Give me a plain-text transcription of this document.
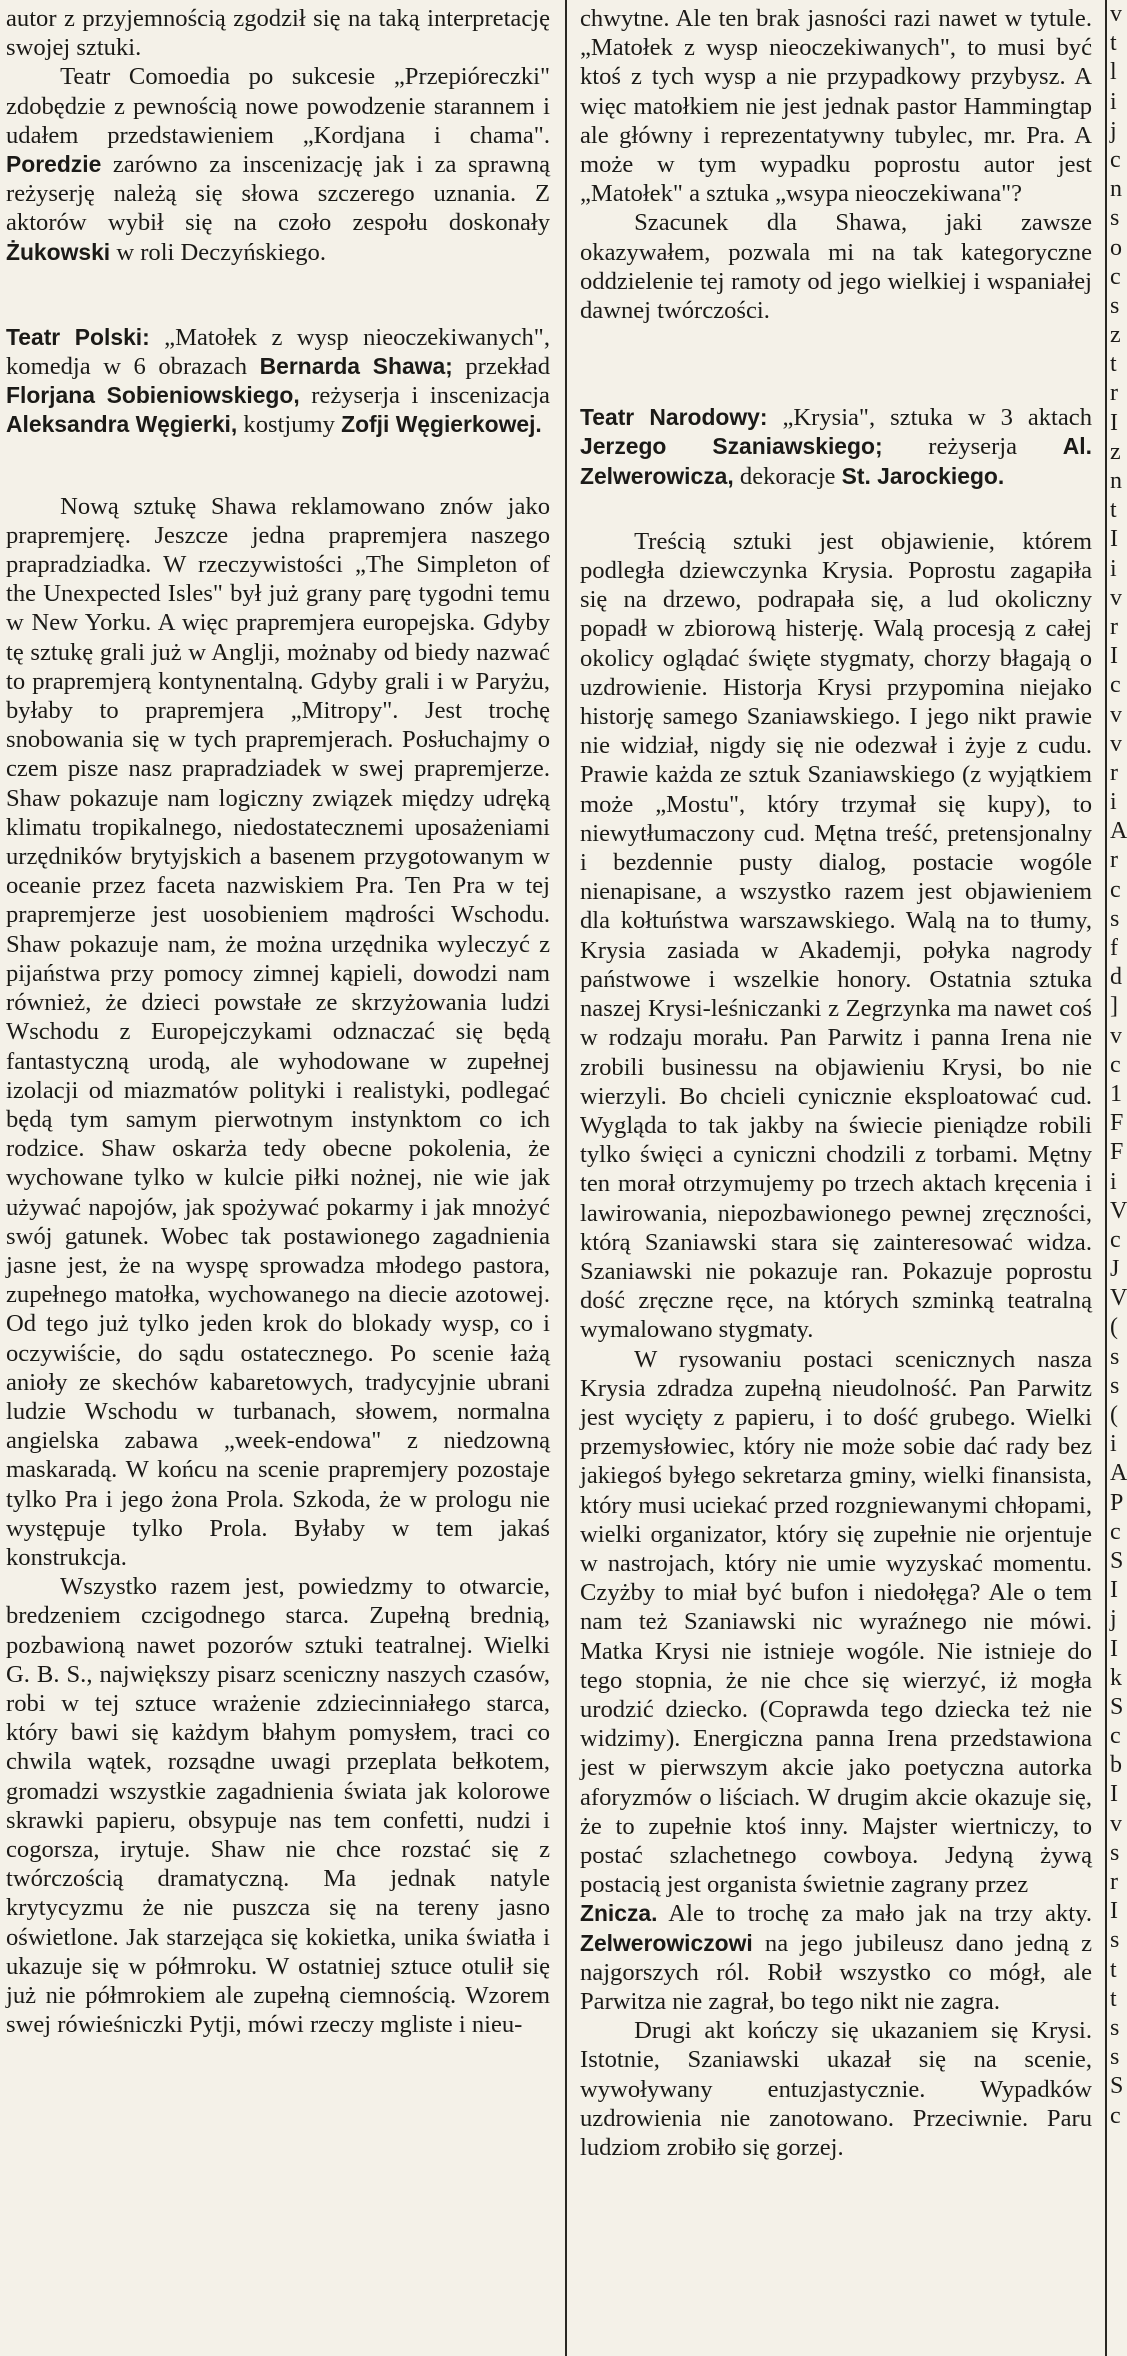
autor z przyjemnością zgodził się na taką interpretację swojej sztuki.

Teatr Comoedia po sukcesie „Przepióreczki" zdobędzie z pewnością nowe powodzenie starannem i udałem przedstawieniem „Kordjana i chama". Poredzie zarówno za inscenizację jak i za sprawną reżyserję należą się słowa szczerego uznania. Z aktorów wybił się na czoło zespołu doskonały Żukowski w roli Deczyńskiego.

Teatr Polski: „Matołek z wysp nieoczekiwanych", komedja w 6 obrazach Bernarda Shawa; przekład Florjana Sobieniowskiego, reżyserja i inscenizacja Aleksandra Węgierki, kostjumy Zofji Węgierkowej.

Nową sztukę Shawa reklamowano znów jako prapremjerę. Jeszcze jedna prapremjera naszego prapradziadka. W rzeczywistości „The Simpleton of the Unexpected Isles" był już grany parę tygodni temu w New Yorku. A więc prapremjera europejska. Gdyby tę sztukę grali już w Anglji, możnaby od biedy nazwać to prapremjerą kontynentalną. Gdyby grali i w Paryżu, byłaby to prapremjera „Mitropy". Jest trochę snobowania się w tych prapremjerach. Posłuchajmy o czem pisze nasz prapradziadek w swej prapremjerze. Shaw pokazuje nam logiczny związek między udręką klimatu tropikalnego, niedostatecznemi uposażeniami urzędników brytyjskich a basenem przygotowanym w oceanie przez faceta nazwiskiem Pra. Ten Pra w tej prapremjerze jest uosobieniem mądrości Wschodu. Shaw pokazuje nam, że można urzędnika wyleczyć z pijaństwa przy pomocy zimnej kąpieli, dowodzi nam również, że dzieci powstałe ze skrzyżowania ludzi Wschodu z Europejczykami odznaczać się będą fantastyczną urodą, ale wyhodowane w zupełnej izolacji od miazmatów polityki i realistyki, podlegać będą tym samym pierwotnym instynktom co ich rodzice. Shaw oskarża tedy obecne pokolenia, że wychowane tylko w kulcie piłki nożnej, nie wie jak używać napojów, jak spożywać pokarmy i jak mnożyć swój gatunek. Wobec tak postawionego zagadnienia jasne jest, że na wyspę sprowadza młodego pastora, zupełnego matołka, wychowanego na diecie azotowej. Od tego już tylko jeden krok do blokady wysp, co i oczywiście, do sądu ostatecznego. Po scenie łażą anioły ze skechów kabaretowych, tradycyjnie ubrani ludzie Wschodu w turbanach, słowem, normalna angielska zabawa „week-endowa" z niedzowną maskaradą. W końcu na scenie prapremjery pozostaje tylko Pra i jego żona Prola. Szkoda, że w prologu nie występuje tylko Prola. Byłaby w tem jakaś konstrukcja.

Wszystko razem jest, powiedzmy to otwarcie, bredzeniem czcigodnego starca. Zupełną brednią, pozbawioną nawet pozorów sztuki teatralnej. Wielki G. B. S., największy pisarz sceniczny naszych czasów, robi w tej sztuce wrażenie zdziecinniałego starca, który bawi się każdym błahym pomysłem, traci co chwila wątek, rozsądne uwagi przeplata bełkotem, gromadzi wszystkie zagadnienia świata jak kolorowe skrawki papieru, obsypuje nas tem confetti, nudzi i cogorsza, irytuje. Shaw nie chce rozstać się z twórczością dramatyczną. Ma jednak natyle krytycyzmu że nie puszcza się na tereny jasno oświetlone. Jak starzejąca się kokietka, unika światła i ukazuje się w półmroku. W ostatniej sztuce otulił się już nie półmrokiem ale zupełną ciemnością. Wzorem swej rówieśniczki Pytji, mówi rzeczy mgliste i nieu-

chwytne. Ale ten brak jasności razi nawet w tytule. „Matołek z wysp nieoczekiwanych", to musi być ktoś z tych wysp a nie przypadkowy przybysz. A więc matołkiem nie jest jednak pastor Hammingtap ale główny i reprezentatywny tubylec, mr. Pra. A może w tym wypadku poprostu autor jest „Matołek" a sztuka „wsypa nieoczekiwana"?

Szacunek dla Shawa, jaki zawsze okazywałem, pozwala mi na tak kategoryczne oddzielenie tej ramoty od jego wielkiej i wspaniałej dawnej twórczości.

Teatr Narodowy: „Krysia", sztuka w 3 aktach Jerzego Szaniawskiego; reżyserja Al. Zelwerowicza, dekoracje St. Jarockiego.

Treścią sztuki jest objawienie, którem podległa dziewczynka Krysia. Poprostu zagapiła się na drzewo, podrapała się, a lud okoliczny popadł w zbiorową histerję. Walą procesją z całej okolicy oglądać święte stygmaty, chorzy błagają o uzdrowienie. Historja Krysi przypomina niejako historję samego Szaniawskiego. I jego nikt prawie nie widział, nigdy się nie odezwał i żyje z cudu. Prawie każda ze sztuk Szaniawskiego (z wyjątkiem może „Mostu", który trzymał się kupy), to niewytłumaczony cud. Mętna treść, pretensjonalny i bezdennie pusty dialog, postacie wogóle nienapisane, a wszystko razem jest objawieniem dla kołtuństwa warszawskiego. Walą na to tłumy, Krysia zasiada w Akademji, połyka nagrody państwowe i wszelkie honory. Ostatnia sztuka naszej Krysi-leśniczanki z Zegrzynka ma nawet coś w rodzaju morału. Pan Parwitz i panna Irena nie zrobili businessu na objawieniu Krysi, bo nie wierzyli. Bo chcieli cynicznie eksploatować cud. Wygląda to tak jakby na świecie pieniądze robili tylko święci a cyniczni chodzili z torbami. Mętny ten morał otrzymujemy po trzech aktach kręcenia i lawirowania, niepozbawionego pewnej zręczności, którą Szaniawski stara się zainteresować widza. Szaniawski nie pokazuje ran. Pokazuje poprostu dość zręczne ręce, na których szminką teatralną wymalowano stygmaty.

W rysowaniu postaci scenicznych nasza Krysia zdradza zupełną nieudolność. Pan Parwitz jest wycięty z papieru, i to dość grubego. Wielki przemysłowiec, który nie może sobie dać rady bez jakiegoś byłego sekretarza gminy, wielki finansista, który musi uciekać przed rozgniewanymi chłopami, wielki organizator, który się zupełnie nie orjentuje w nastrojach, który nie umie wyzyskać momentu. Czyżby to miał być bufon i niedołęga? Ale o tem nam też Szaniawski nic wyraźnego nie mówi. Matka Krysi nie istnieje wogóle. Nie istnieje do tego stopnia, że nie chce się wierzyć, iż mogła urodzić dziecko. (Coprawda tego dziecka też nie widzimy). Energiczna panna Irena przedstawiona jest w pierwszym akcie jako poetyczna autorka aforyzmów o liściach. W drugim akcie okazuje się, że to zupełnie ktoś inny. Majster wiertniczy, to postać szlachetnego cowboya. Jedyną żywą postacią jest organista świetnie zagrany przez

Znicza. Ale to trochę za mało jak na trzy akty. Zelwerowiczowi na jego jubileusz dano jedną z najgorszych ról. Robił wszystko co mógł, ale Parwitza nie zagrał, bo tego nikt nie zagra.

Drugi akt kończy się ukazaniem się Krysi. Istotnie, Szaniawski ukazał się na scenie, wywoływany entuzjastycznie. Wypadków uzdrowienia nie zanotowano. Przeciwnie. Paru ludziom zrobiło się gorzej.

v
t
l
i
j
c
n
s
o
c
s
z
t
r
I
z
n
t
I
i
v
r
I
c
v
v
r
i
A
r
c
s
f
d
]
v
c
1
F
F
i
V
c
J
V
(
s
s
(
i
A
P
c
S
I
j
I
k
S
c
b
I
v
s
r
I
s
t
t
s
s
S
c
